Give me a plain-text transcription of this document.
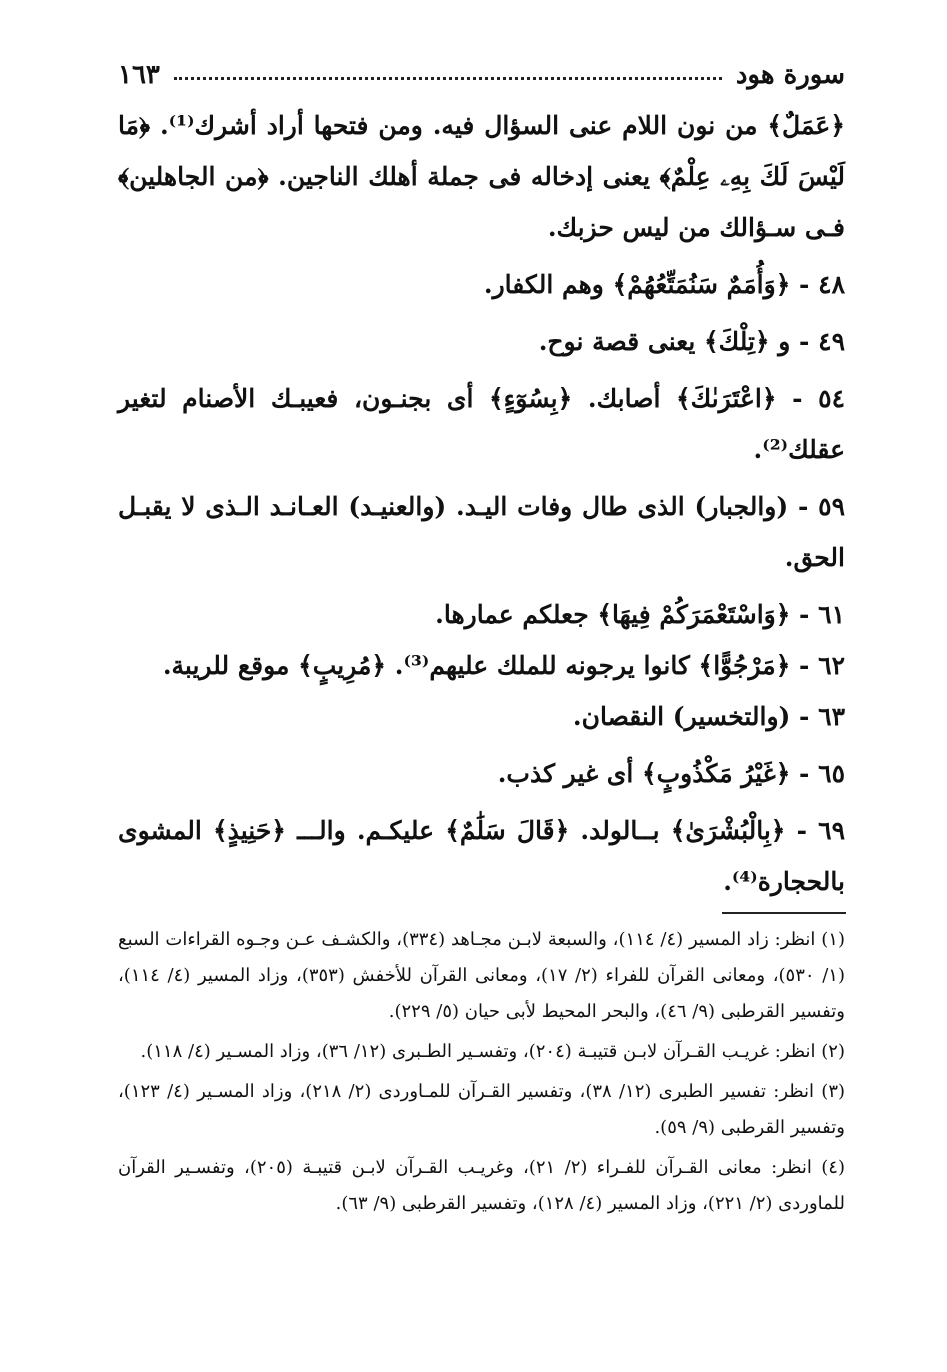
سورة هود
١٦٣

﴿عَمَلٌ﴾ من نون اللام عنى السؤال فيه. ومن فتحها أراد أشرك⁽¹⁾. ﴿مَا لَيْسَ لَكَ بِهِۦ عِلْمٌ﴾ يعنى إدخاله فى جملة أهلك الناجين. ﴿من الجاهلين﴾ فـى سـؤالك من ليس حزبك.

٤٨ - ﴿وَأُمَمٌ سَنُمَتِّعُهُمْ﴾ وهم الكفار.

٤٩ - و ﴿تِلْكَ﴾ يعنى قصة نوح.

٥٤ - ﴿اعْتَرَىٰكَ﴾ أصابك. ﴿بِسُوٓءٍ﴾ أى بجنـون، فعيبـك الأصنام لتغير عقلك⁽²⁾.

٥٩ - (والجبار) الذى طال وفات اليـد. (والعنيـد) العـانـد الـذى لا يقبـل الحق.

٦١ - ﴿وَاسْتَعْمَرَكُمْ فِيهَا﴾ جعلكم عمارها.

٦٢ - ﴿مَرْجُوًّا﴾ كانوا يرجونه للملك عليهم⁽³⁾. ﴿مُرِيبٍ﴾ موقع للريبة.

٦٣ - (والتخسير) النقصان.

٦٥ - ﴿غَيْرُ مَكْذُوبٍ﴾ أى غير كذب.

٦٩ - ﴿بِالْبُشْرَىٰ﴾ بــالولد. ﴿قَالَ سَلَٰمٌ﴾ عليكـم. والـــ ﴿حَنِيذٍ﴾ المشوى بالحجارة⁽⁴⁾.

(١) انظر: زاد المسير (٤/ ١١٤)، والسبعة لابـن مجـاهد (٣٣٤)، والكشـف عـن وجـوه القراءات السبع (١/ ٥٣٠)، ومعانى القرآن للفراء (٢/ ١٧)، ومعانى القرآن للأخفش (٣٥٣)، وزاد المسير (٤/ ١١٤)، وتفسير القرطبى (٩/ ٤٦)، والبحر المحيط لأبى حيان (٥/ ٢٢٩).

(٢) انظر: غريـب القـرآن لابـن قتيبـة (٢٠٤)، وتفسـير الطـبرى (١٢/ ٣٦)، وزاد المسـير (٤/ ١١٨).

(٣) انظر: تفسير الطبرى (١٢/ ٣٨)، وتفسير القـرآن للمـاوردى (٢/ ٢١٨)، وزاد المسـير (٤/ ١٢٣)، وتفسير القرطبى (٩/ ٥٩).

(٤) انظر: معانى القـرآن للفـراء (٢/ ٢١)، وغريـب القـرآن لابـن قتيبـة (٢٠٥)، وتفسـير القرآن للماوردى (٢/ ٢٢١)، وزاد المسير (٤/ ١٢٨)، وتفسير القرطبى (٩/ ٦٣).
